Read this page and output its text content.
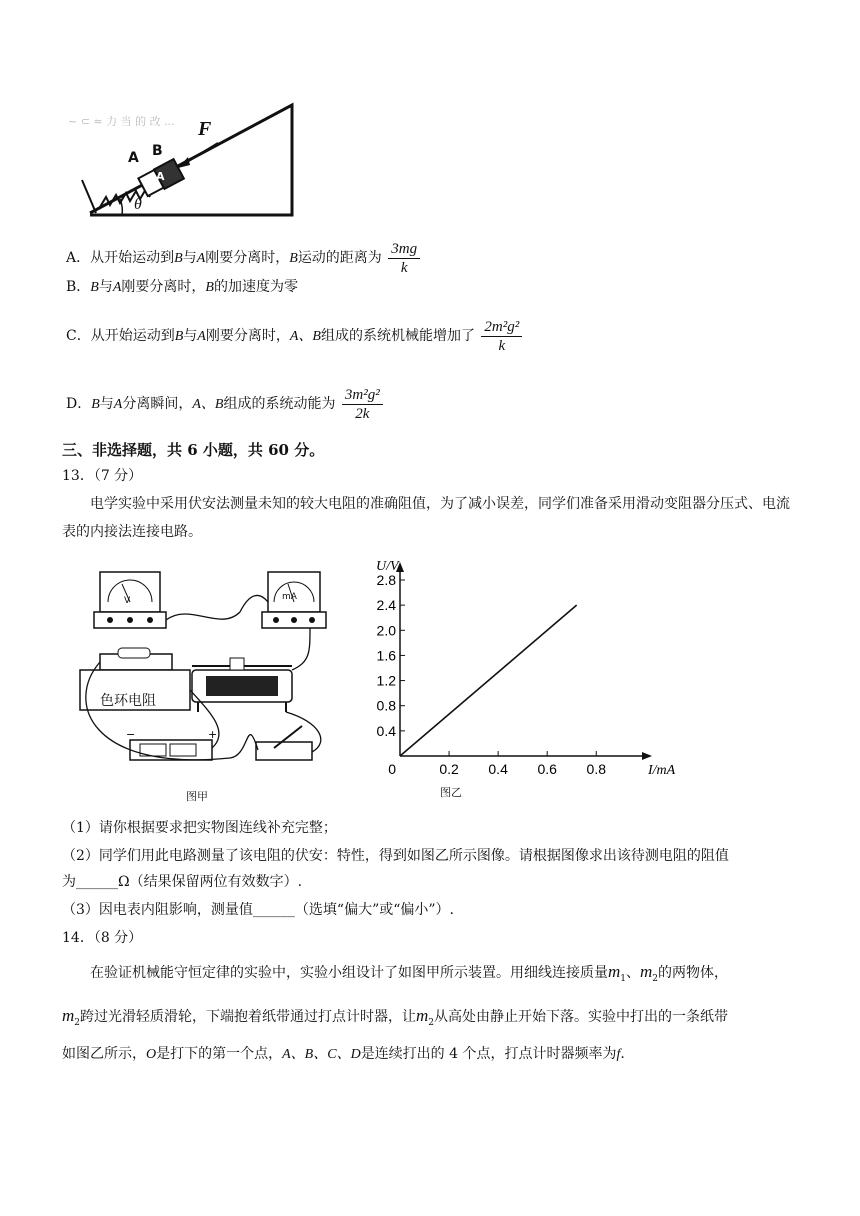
~ ⊂ ≈ 力 当 的 改 ...
A B
F
θ
A
A．从开始运动到B与A刚要分离时，B运动的距离为 $\frac{3mg}{k}$
B．B与A刚要分离时，B的加速度为零
C．从开始运动到B与A刚要分离时，A、B组成的系统机械能增加了 $\frac{\text{2m²g²}}{k}$
D．B与A分离瞬间，A、B组成的系统动能为 $\frac{\text{3m²g²}}{2k}$
三、非选择题，共 6 小题，共 60 分。
13．（7 分）
电学实验中采用伏安法测量未知的较大电阻的准确阻值，为了减小误差，同学们准备采用滑动变阻器分压式、电流表的内接法连接电路。
−	+
V	mA
色环电阻
图甲
0.4
0.8
1.2
1.6
2.0
2.4
2.8
0.2 0.4 0.6 0.8
0	I/mA
U/V
图乙
（1）请你根据要求把实物图连线补充完整；
（2）同学们用此电路测量了该电阻的伏安：特性，得到如图乙所示图像。请根据图像求出该待测电阻的阻值
为______Ω（结果保留两位有效数字）.
（3）因电表内阻影响，测量值______（选填“偏大”或“偏小”）.
14．（8 分）
在验证机械能守恒定律的实验中，实验小组设计了如图甲所示装置。用细线连接质量$m_1$、$m_2$的两物体，
$m_2$跨过光滑轻质滑轮，下端抱着纸带通过打点计时器，让$m_2$从高处由静止开始下落。实验中打出的一条纸带
如图乙所示，O是打下的第一个点，A、B、C、D是连续打出的 4 个点，打点计时器频率为f.
